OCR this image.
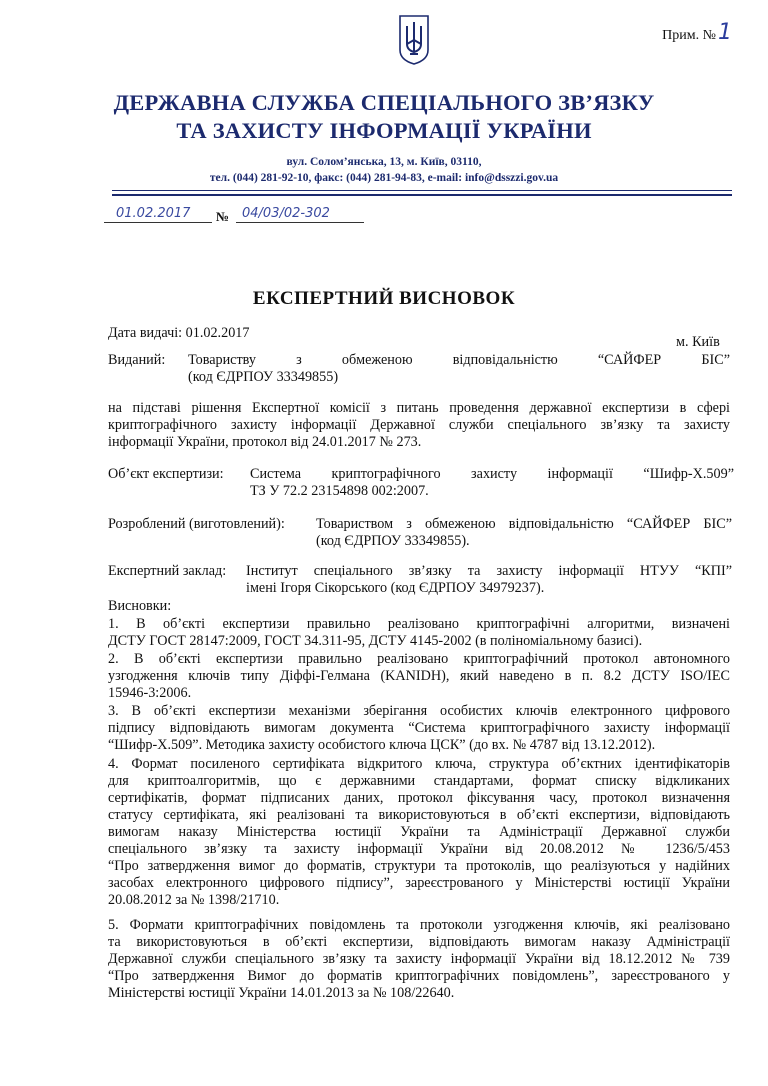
Прим. №1
ДЕРЖАВНА СЛУЖБА СПЕЦІАЛЬНОГО ЗВ’ЯЗКУ
ТА ЗАХИСТУ ІНФОРМАЦІЇ УКРАЇНИ
вул. Солом’янська, 13, м. Київ, 03110,
тел. (044) 281-92-10, факс: (044) 281-94-83, e-mail: info@dsszzi.gov.ua
01.02.2017	№ 04/03/02-302
ЕКСПЕРТНИЙ ВИСНОВОК
Дата видачі: 01.02.2017
м. Київ
Виданий: Товариству з обмеженою відповідальністю “САЙФЕР БІС”
(код ЄДРПОУ 33349855)
на підставі рішення Експертної комісії з питань проведення державної експертизи в сфері
криптографічного захисту інформації Державної служби спеціального зв’язку та захисту
інформації України, протокол від 24.01.2017 № 273.
Об’єкт експертизи: Система криптографічного захисту інформації “Шифр-Х.509”
ТЗ У 72.2 23154898 002:2007.
Розроблений (виготовлений): Товариством з обмеженою відповідальністю “САЙФЕР БІС”
(код ЄДРПОУ 33349855).
Експертний заклад: Інститут спеціального зв’язку та захисту інформації НТУУ “КПІ”
імені Ігоря Сікорського (код ЄДРПОУ 34979237).
Висновки:
1. В об’єкті експертизи правильно реалізовано криптографічні алгоритми, визначені
ДСТУ ГОСТ 28147:2009, ГОСТ 34.311-95, ДСТУ 4145-2002 (в поліноміальному базисі).
2. В об’єкті експертизи правильно реалізовано криптографічний протокол автономного
узгодження ключів типу Діффі-Гелмана (KANIDH), який наведено в п. 8.2 ДСТУ ISO/IEC
15946-3:2006.
3. В об’єкті експертизи механізми зберігання особистих ключів електронного цифрового
підпису відповідають вимогам документа “Система криптографічного захисту інформації
“Шифр-Х.509”. Методика захисту особистого ключа ЦСК” (до вх. № 4787 від 13.12.2012).
4. Формат посиленого сертифіката відкритого ключа, структура об’єктних ідентифікаторів
для криптоалгоритмів, що є державними стандартами, формат списку відкликаних
сертифікатів, формат підписаних даних, протокол фіксування часу, протокол визначення
статусу сертифіката, які реалізовані та використовуються в об’єкті експертизи, відповідають
вимогам наказу Міністерства юстиції України та Адміністрації Державної служби
спеціального зв’язку та захисту інформації України від 20.08.2012 № 1236/5/453
“Про затвердження вимог до форматів, структури та протоколів, що реалізуються у надійних
засобах електронного цифрового підпису”, зареєстрованого у Міністерстві юстиції України
20.08.2012 за № 1398/21710.
5. Формати криптографічних повідомлень та протоколи узгодження ключів, які реалізовано
та використовуються в об’єкті експертизи, відповідають вимогам наказу Адміністрації
Державної служби спеціального зв’язку та захисту інформації України від 18.12.2012 № 739
“Про затвердження Вимог до форматів криптографічних повідомлень”, зареєстрованого у
Міністерстві юстиції України 14.01.2013 за № 108/22640.
